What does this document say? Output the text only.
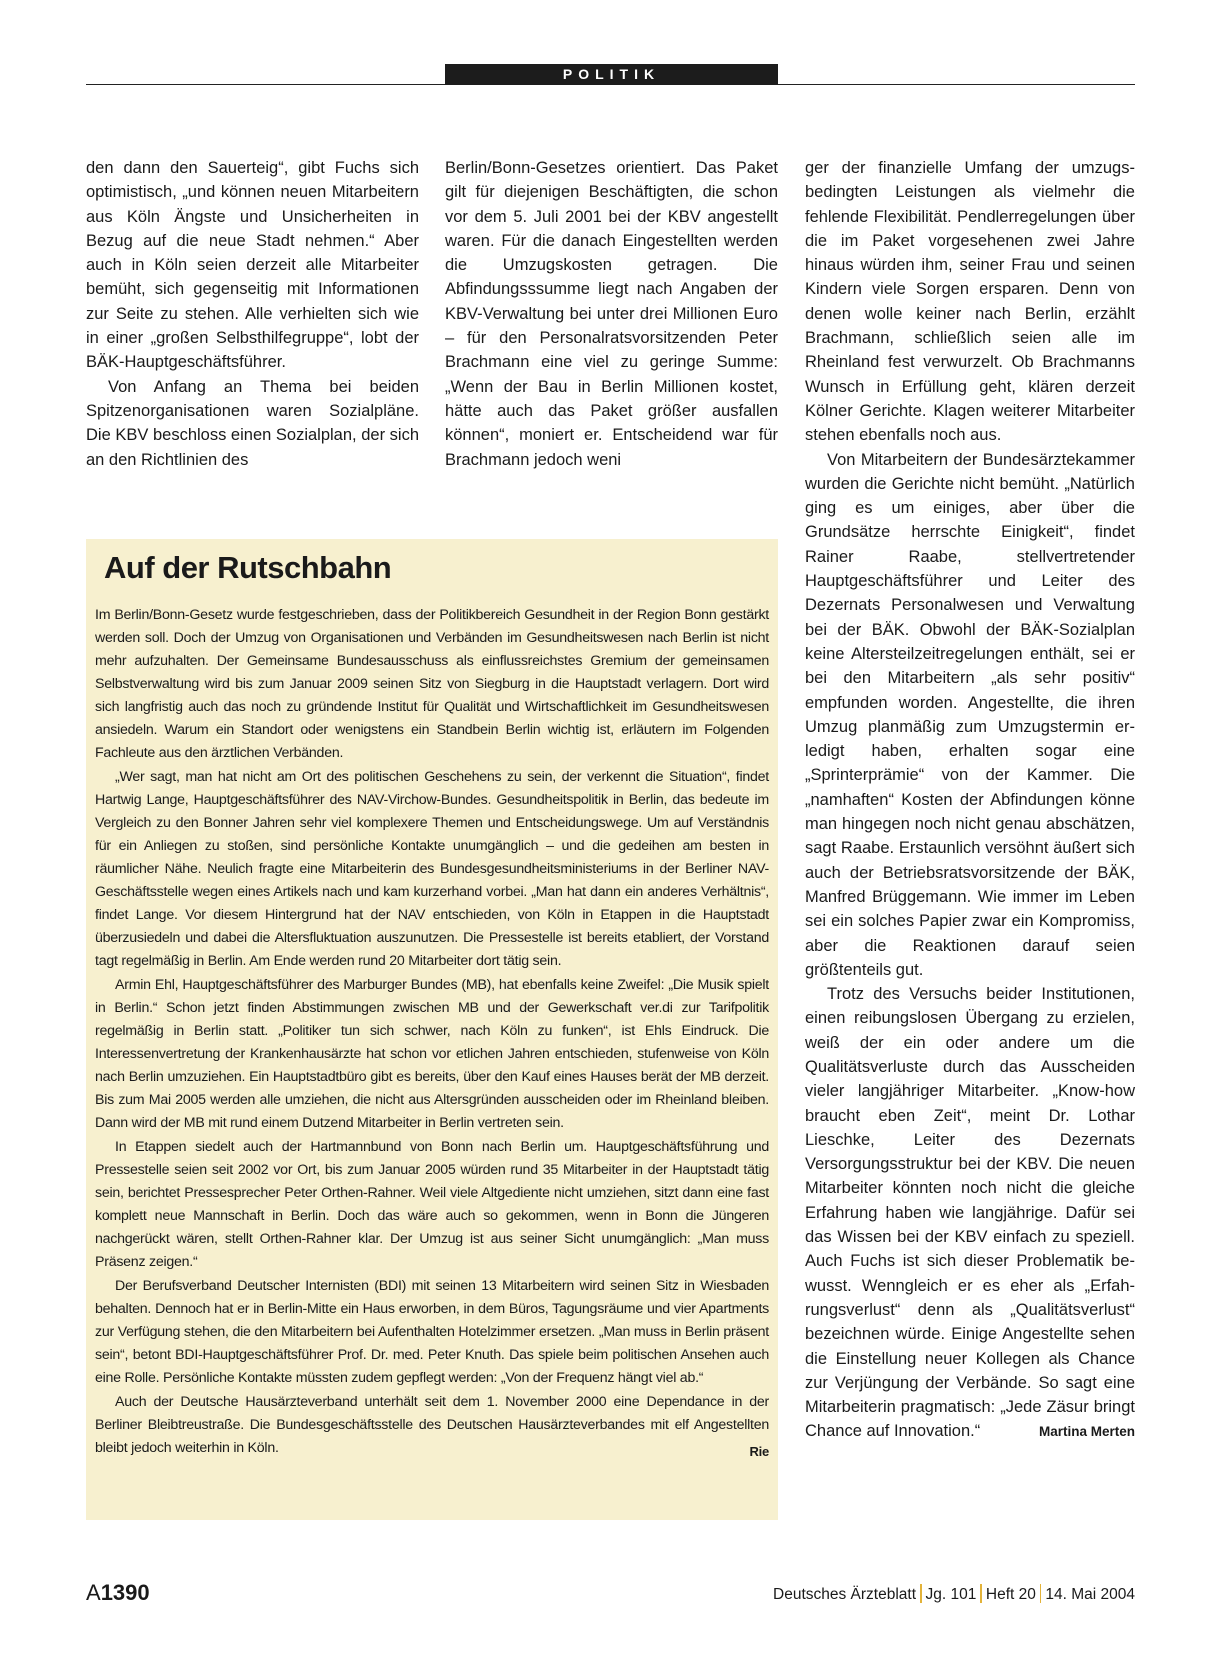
POLITIK

den dann den Sauerteig“, gibt Fuchs sich optimistisch, „und können neuen Mitarbeitern aus Köln Ängste und Unsicherheiten in Bezug auf die neue Stadt nehmen.“ Aber auch in Köln seien derzeit alle Mitarbeiter bemüht, sich gegenseitig mit Informationen zur Seite zu stehen. Alle verhielten sich wie in einer „großen Selbsthilfegruppe“, lobt der BÄK-Hauptgeschäftsführer.

Von Anfang an Thema bei beiden Spitzenorganisationen waren Sozialpläne. Die KBV beschloss einen Sozialplan, der sich an den Richtlinien des

Berlin/Bonn-Gesetzes orientiert. Das Paket gilt für diejenigen Beschäftigten, die schon vor dem 5. Juli 2001 bei der KBV angestellt waren. Für die danach Eingestellten werden die Umzugskosten getragen. Die Abfindungsssumme liegt nach Angaben der KBV-Verwaltung bei unter drei Millionen Euro – für den Personalratsvorsitzenden Peter Brachmann eine viel zu geringe Summe: „Wenn der Bau in Berlin Millionen kostet, hätte auch das Paket größer ausfallen können“, moniert er. Entscheidend war für Brachmann jedoch weni

ger der finanzielle Umfang der umzugsbedingten Leistungen als vielmehr die fehlende Flexibilität. Pendlerregelungen über die im Paket vorgesehenen zwei Jahre hinaus würden ihm, seiner Frau und seinen Kindern viele Sorgen ersparen. Denn von denen wolle keiner nach Berlin, erzählt Brachmann, schließlich seien alle im Rheinland fest verwurzelt. Ob Brachmanns Wunsch in Erfüllung geht, klären derzeit Kölner Gerichte. Klagen weiterer Mitarbeiter stehen ebenfalls noch aus.

Von Mitarbeitern der Bundesärztekammer wurden die Gerichte nicht bemüht. „Natürlich ging es um einiges, aber über die Grundsätze herrschte Einigkeit“, findet Rainer Raabe, stellvertretender Hauptgeschäftsführer und Leiter des Dezernats Personalwesen und Verwaltung bei der BÄK. Obwohl der BÄK-Sozialplan keine Altersteilzeitregelungen enthält, sei er bei den Mitarbeitern „als sehr positiv“ empfunden worden. Angestellte, die ihren Umzug planmäßig zum Umzugstermin erledigt haben, erhalten sogar eine „Sprinterprämie“ von der Kammer. Die „namhaften“ Kosten der Abfindungen könne man hingegen noch nicht genau abschätzen, sagt Raabe. Erstaunlich versöhnt äußert sich auch der Betriebsratsvorsitzende der BÄK, Manfred Brüggemann. Wie immer im Leben sei ein solches Papier zwar ein Kompromiss, aber die Reaktionen darauf seien größtenteils gut.

Trotz des Versuchs beider Institutionen, einen reibungslosen Übergang zu erzielen, weiß der ein oder andere um die Qualitätsverluste durch das Ausscheiden vieler langjähriger Mitarbeiter. „Know-how braucht eben Zeit“, meint Dr. Lothar Lieschke, Leiter des Dezernats Versorgungsstruktur bei der KBV. Die neuen Mitarbeiter könnten noch nicht die gleiche Erfahrung haben wie langjährige. Dafür sei das Wissen bei der KBV einfach zu speziell. Auch Fuchs ist sich dieser Problematik bewusst. Wenngleich er es eher als „Erfahrungsverlust“ denn als „Qualitätsverlust“ bezeichnen würde. Einige Angestellte sehen die Einstellung neuer Kollegen als Chance zur Verjüngung der Verbände. So sagt eine Mitarbeiterin pragmatisch: „Jede Zäsur bringt Chance auf Innovation.“	Martina Merten
Auf der Rutschbahn

Im Berlin/Bonn-Gesetz wurde festgeschrieben, dass der Politikbereich Gesundheit in der Region Bonn gestärkt werden soll. Doch der Umzug von Organisationen und Verbänden im Gesundheitswesen nach Berlin ist nicht mehr aufzuhalten. Der Gemeinsame Bundesausschuss als einflussreichstes Gremium der gemeinsamen Selbstverwaltung wird bis zum Januar 2009 seinen Sitz von Siegburg in die Hauptstadt verlagern. Dort wird sich langfristig auch das noch zu gründende Institut für Qualität und Wirtschaftlichkeit im Gesundheitswesen ansiedeln. Warum ein Standort oder wenigstens ein Standbein Berlin wichtig ist, erläutern im Folgenden Fachleute aus den ärztlichen Verbänden.

„Wer sagt, man hat nicht am Ort des politischen Geschehens zu sein, der verkennt die Situation“, findet Hartwig Lange, Hauptgeschäftsführer des NAV-Virchow-Bundes. Gesundheitspolitik in Berlin, das bedeute im Vergleich zu den Bonner Jahren sehr viel komplexere Themen und Entscheidungswege. Um auf Verständnis für ein Anliegen zu stoßen, sind persönliche Kontakte unumgänglich – und die gedeihen am besten in räumlicher Nähe. Neulich fragte eine Mitarbeiterin des Bundesgesundheitsministeriums in der Berliner NAV-Geschäftsstelle wegen eines Artikels nach und kam kurzerhand vorbei. „Man hat dann ein anderes Verhältnis“, findet Lange. Vor diesem Hintergrund hat der NAV entschieden, von Köln in Etappen in die Hauptstadt überzusiedeln und dabei die Altersfluktuation auszunutzen. Die Pressestelle ist bereits etabliert, der Vorstand tagt regelmäßig in Berlin. Am Ende werden rund 20 Mitarbeiter dort tätig sein.

Armin Ehl, Hauptgeschäftsführer des Marburger Bundes (MB), hat ebenfalls keine Zweifel: „Die Musik spielt in Berlin.“ Schon jetzt finden Abstimmungen zwischen MB und der Gewerkschaft ver.di zur Tarifpolitik regelmäßig in Berlin statt. „Politiker tun sich schwer, nach Köln zu funken“, ist Ehls Eindruck. Die Interessenvertretung der Krankenhausärzte hat schon vor etlichen Jahren entschieden, stufenweise von Köln nach Berlin umzuziehen. Ein Hauptstadtbüro gibt es bereits, über den Kauf eines Hauses berät der MB derzeit. Bis zum Mai 2005 werden alle umziehen, die nicht aus Altersgründen ausscheiden oder im Rheinland bleiben. Dann wird der MB mit rund einem Dutzend Mitarbeiter in Berlin vertreten sein.

In Etappen siedelt auch der Hartmannbund von Bonn nach Berlin um. Hauptgeschäftsführung und Pressestelle seien seit 2002 vor Ort, bis zum Januar 2005 würden rund 35 Mitarbeiter in der Hauptstadt tätig sein, berichtet Pressesprecher Peter Orthen-Rahner. Weil viele Altgediente nicht umziehen, sitzt dann eine fast komplett neue Mannschaft in Berlin. Doch das wäre auch so gekommen, wenn in Bonn die Jüngeren nachgerückt wären, stellt Orthen-Rahner klar. Der Umzug ist aus seiner Sicht unumgänglich: „Man muss Präsenz zeigen.“

Der Berufsverband Deutscher Internisten (BDI) mit seinen 13 Mitarbeitern wird seinen Sitz in Wiesbaden behalten. Dennoch hat er in Berlin-Mitte ein Haus erworben, in dem Büros, Tagungsräume und vier Apartments zur Verfügung stehen, die den Mitarbeitern bei Aufenthalten Hotelzimmer ersetzen. „Man muss in Berlin präsent sein“, betont BDI-Hauptgeschäftsführer Prof. Dr. med. Peter Knuth. Das spiele beim politischen Ansehen auch eine Rolle. Persönliche Kontakte müssten zudem gepflegt werden: „Von der Frequenz hängt viel ab.“

Auch der Deutsche Hausärzteverband unterhält seit dem 1. November 2000 eine Dependance in der Berliner Bleibtreustraße. Die Bundesgeschäftsstelle des Deutschen Hausärzteverbandes mit elf Angestellten bleibt jedoch weiterhin in Köln.	Rie
A1390	Deutsches Ärzteblatt Jg. 101 Heft 20 14. Mai 2004
